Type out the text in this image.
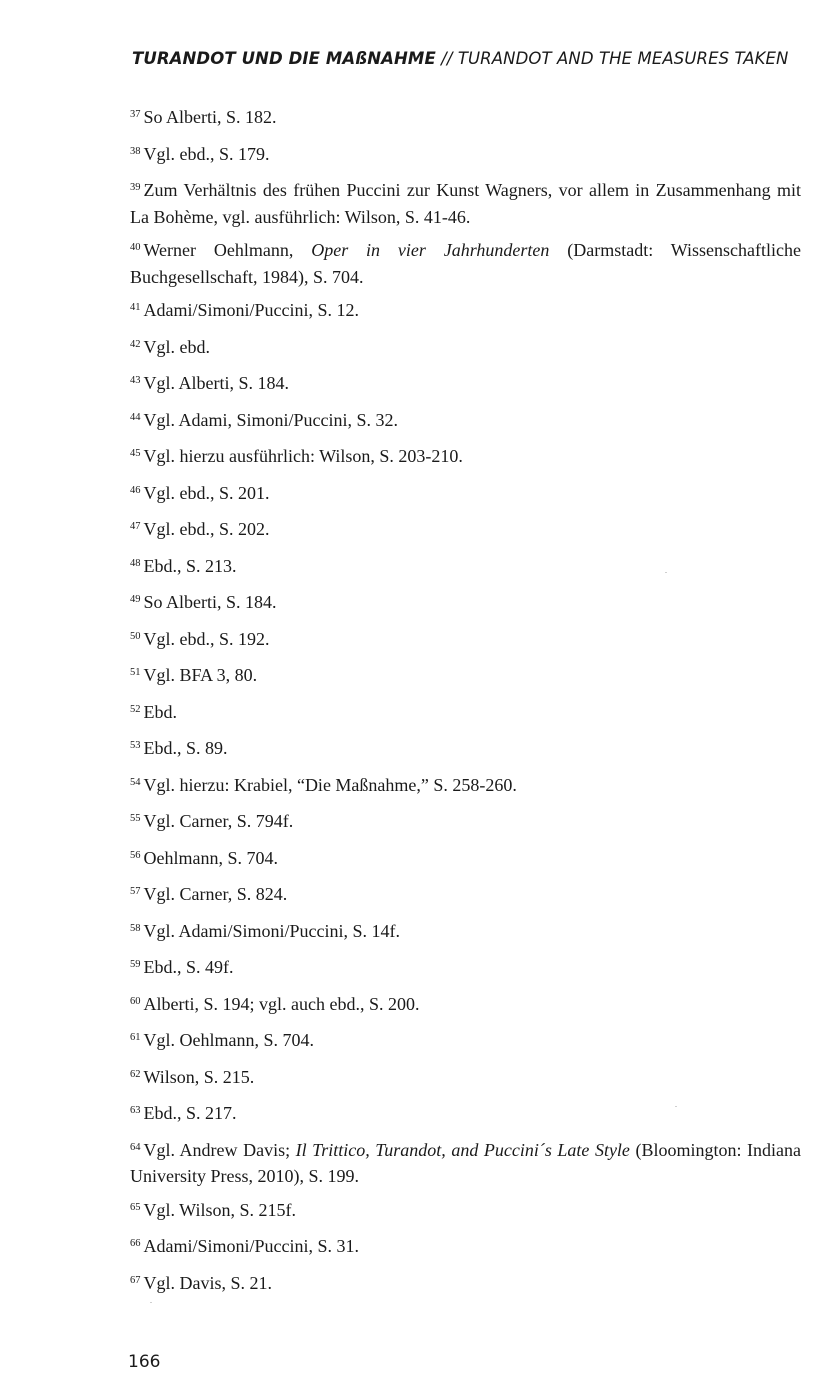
TURANDOT UND DIE MAßNAHME // TURANDOT AND THE MEASURES TAKEN

$^{37}$ So Alberti, S. 182.

$^{38}$ Vgl. ebd., S. 179.

$^{39}$ Zum Verhältnis des frühen Puccini zur Kunst Wagners, vor allem in Zusammenhang mit La Bohème, vgl. ausführlich: Wilson, S. 41-46.

$^{40}$ Werner Oehlmann, Oper in vier Jahrhunderten (Darmstadt: Wissenschaftliche Buchgesellschaft, 1984), S. 704.

$^{41}$ Adami/Simoni/Puccini, S. 12.

$^{42}$ Vgl. ebd.

$^{43}$ Vgl. Alberti, S. 184.

$^{44}$ Vgl. Adami, Simoni/Puccini, S. 32.

$^{45}$ Vgl. hierzu ausführlich: Wilson, S. 203-210.

$^{46}$ Vgl. ebd., S. 201.

$^{47}$ Vgl. ebd., S. 202.

$^{48}$ Ebd., S. 213.

$^{49}$ So Alberti, S. 184.

$^{50}$ Vgl. ebd., S. 192.

$^{51}$ Vgl. BFA 3, 80.

$^{52}$ Ebd.

$^{53}$ Ebd., S. 89.

$^{54}$ Vgl. hierzu: Krabiel, “Die Maßnahme,” S. 258-260.

$^{55}$ Vgl. Carner, S. 794f.

$^{56}$ Oehlmann, S. 704.

$^{57}$ Vgl. Carner, S. 824.

$^{58}$ Vgl. Adami/Simoni/Puccini, S. 14f.

$^{59}$ Ebd., S. 49f.

$^{60}$ Alberti, S. 194; vgl. auch ebd., S. 200.

$^{61}$ Vgl. Oehlmann, S. 704.

$^{62}$ Wilson, S. 215.

$^{63}$ Ebd., S. 217.

$^{64}$ Vgl. Andrew Davis; Il Trittico, Turandot, and Puccini´s Late Style (Bloomington: Indiana University Press, 2010), S. 199.

$^{65}$ Vgl. Wilson, S. 215f.

$^{66}$ Adami/Simoni/Puccini, S. 31.

$^{67}$ Vgl. Davis, S. 21.

166
